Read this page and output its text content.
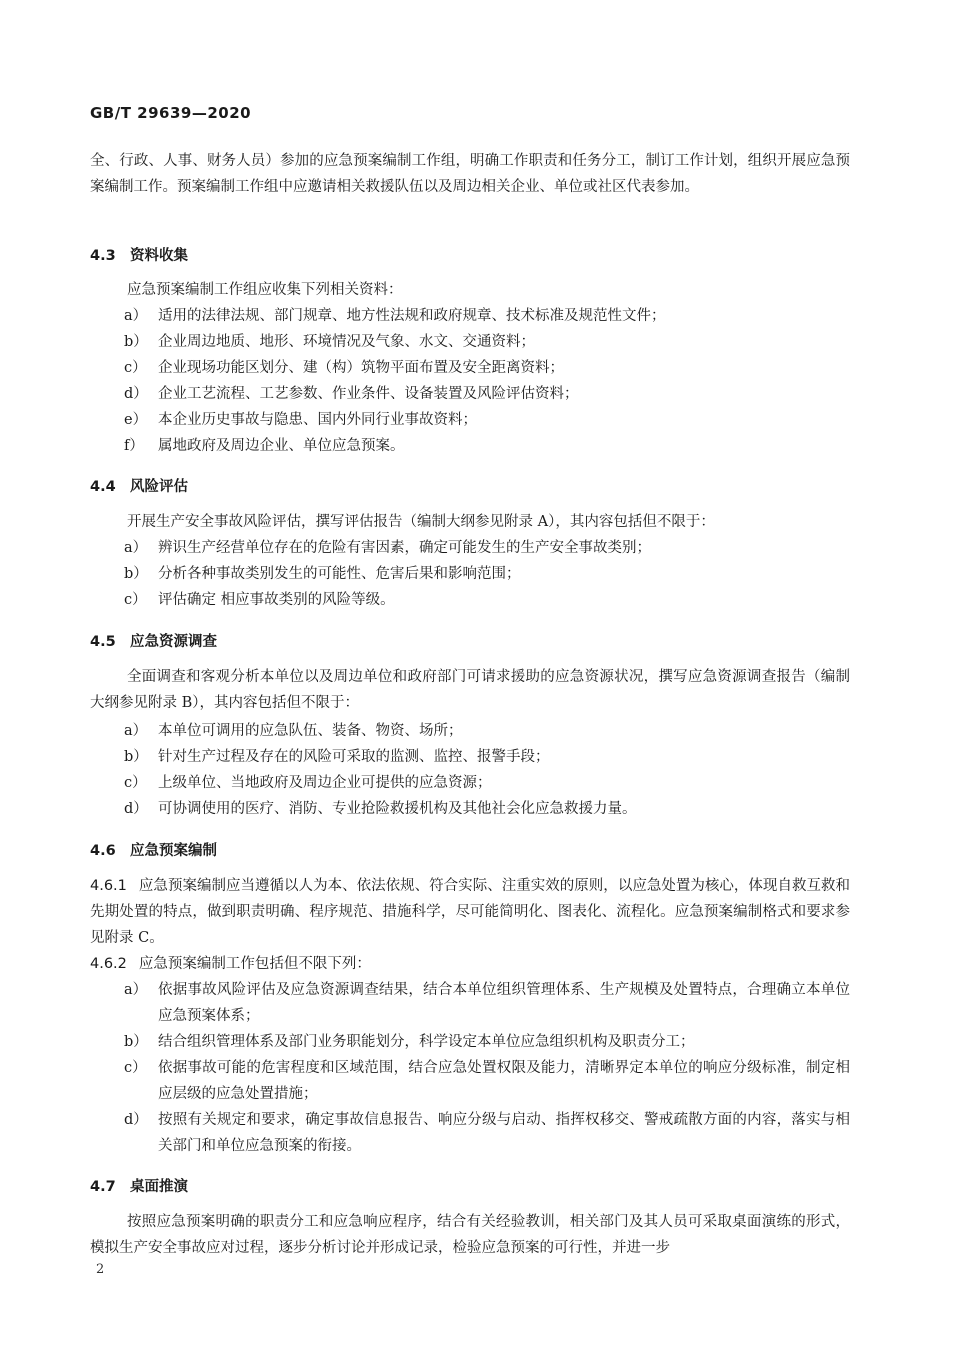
GB/T 29639—2020
全、行政、人事、财务人员）参加的应急预案编制工作组，明确工作职责和任务分工，制订工作计划，组织开展应急预案编制工作。预案编制工作组中应邀请相关救援队伍以及周边相关企业、单位或社区代表参加。
4.3 资料收集
应急预案编制工作组应收集下列相关资料：
a） 适用的法律法规、部门规章、地方性法规和政府规章、技术标准及规范性文件；
b） 企业周边地质、地形、环境情况及气象、水文、交通资料；
c） 企业现场功能区划分、建（构）筑物平面布置及安全距离资料；
d） 企业工艺流程、工艺参数、作业条件、设备装置及风险评估资料；
e） 本企业历史事故与隐患、国内外同行业事故资料；
f） 属地政府及周边企业、单位应急预案。
4.4 风险评估
开展生产安全事故风险评估，撰写评估报告（编制大纲参见附录 A），其内容包括但不限于：
a） 辨识生产经营单位存在的危险有害因素，确定可能发生的生产安全事故类别；
b） 分析各种事故类别发生的可能性、危害后果和影响范围；
c） 评估确定 相应事故类别的风险等级。
4.5 应急资源调查
全面调查和客观分析本单位以及周边单位和政府部门可请求援助的应急资源状况，撰写应急资源调查报告（编制大纲参见附录 B），其内容包括但不限于：
a） 本单位可调用的应急队伍、装备、物资、场所；
b） 针对生产过程及存在的风险可采取的监测、监控、报警手段；
c） 上级单位、当地政府及周边企业可提供的应急资源；
d） 可协调使用的医疗、消防、专业抢险救援机构及其他社会化应急救援力量。
4.6 应急预案编制
4.6.1 应急预案编制应当遵循以人为本、依法依规、符合实际、注重实效的原则，以应急处置为核心，体现自救互救和先期处置的特点，做到职责明确、程序规范、措施科学，尽可能简明化、图表化、流程化。应急预案编制格式和要求参见附录 C。
4.6.2 应急预案编制工作包括但不限下列：
a） 依据事故风险评估及应急资源调查结果，结合本单位组织管理体系、生产规模及处置特点，合理确立本单位应急预案体系；
b） 结合组织管理体系及部门业务职能划分，科学设定本单位应急组织机构及职责分工；
c） 依据事故可能的危害程度和区域范围，结合应急处置权限及能力，清晰界定本单位的响应分级标准，制定相应层级的应急处置措施；
d） 按照有关规定和要求，确定事故信息报告、响应分级与启动、指挥权移交、警戒疏散方面的内容，落实与相关部门和单位应急预案的衔接。
4.7 桌面推演
按照应急预案明确的职责分工和应急响应程序，结合有关经验教训，相关部门及其人员可采取桌面演练的形式，模拟生产安全事故应对过程，逐步分析讨论并形成记录，检验应急预案的可行性，并进一步
2
